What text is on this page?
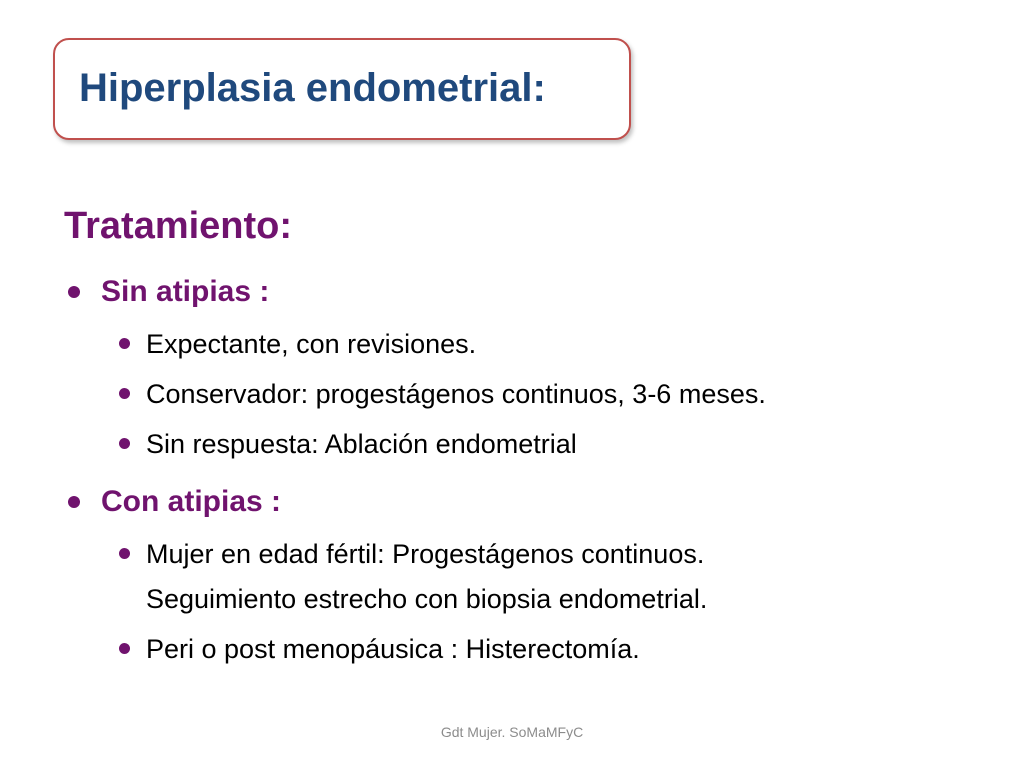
Hiperplasia endometrial:
Tratamiento:
Sin atipias :
Expectante, con revisiones.
Conservador: progestágenos continuos, 3-6 meses.
Sin respuesta: Ablación endometrial
Con atipias :
Mujer en edad fértil: Progestágenos continuos.
Seguimiento estrecho con biopsia endometrial.
Peri o post menopáusica : Histerectomía.
Gdt Mujer. SoMaMFyC
